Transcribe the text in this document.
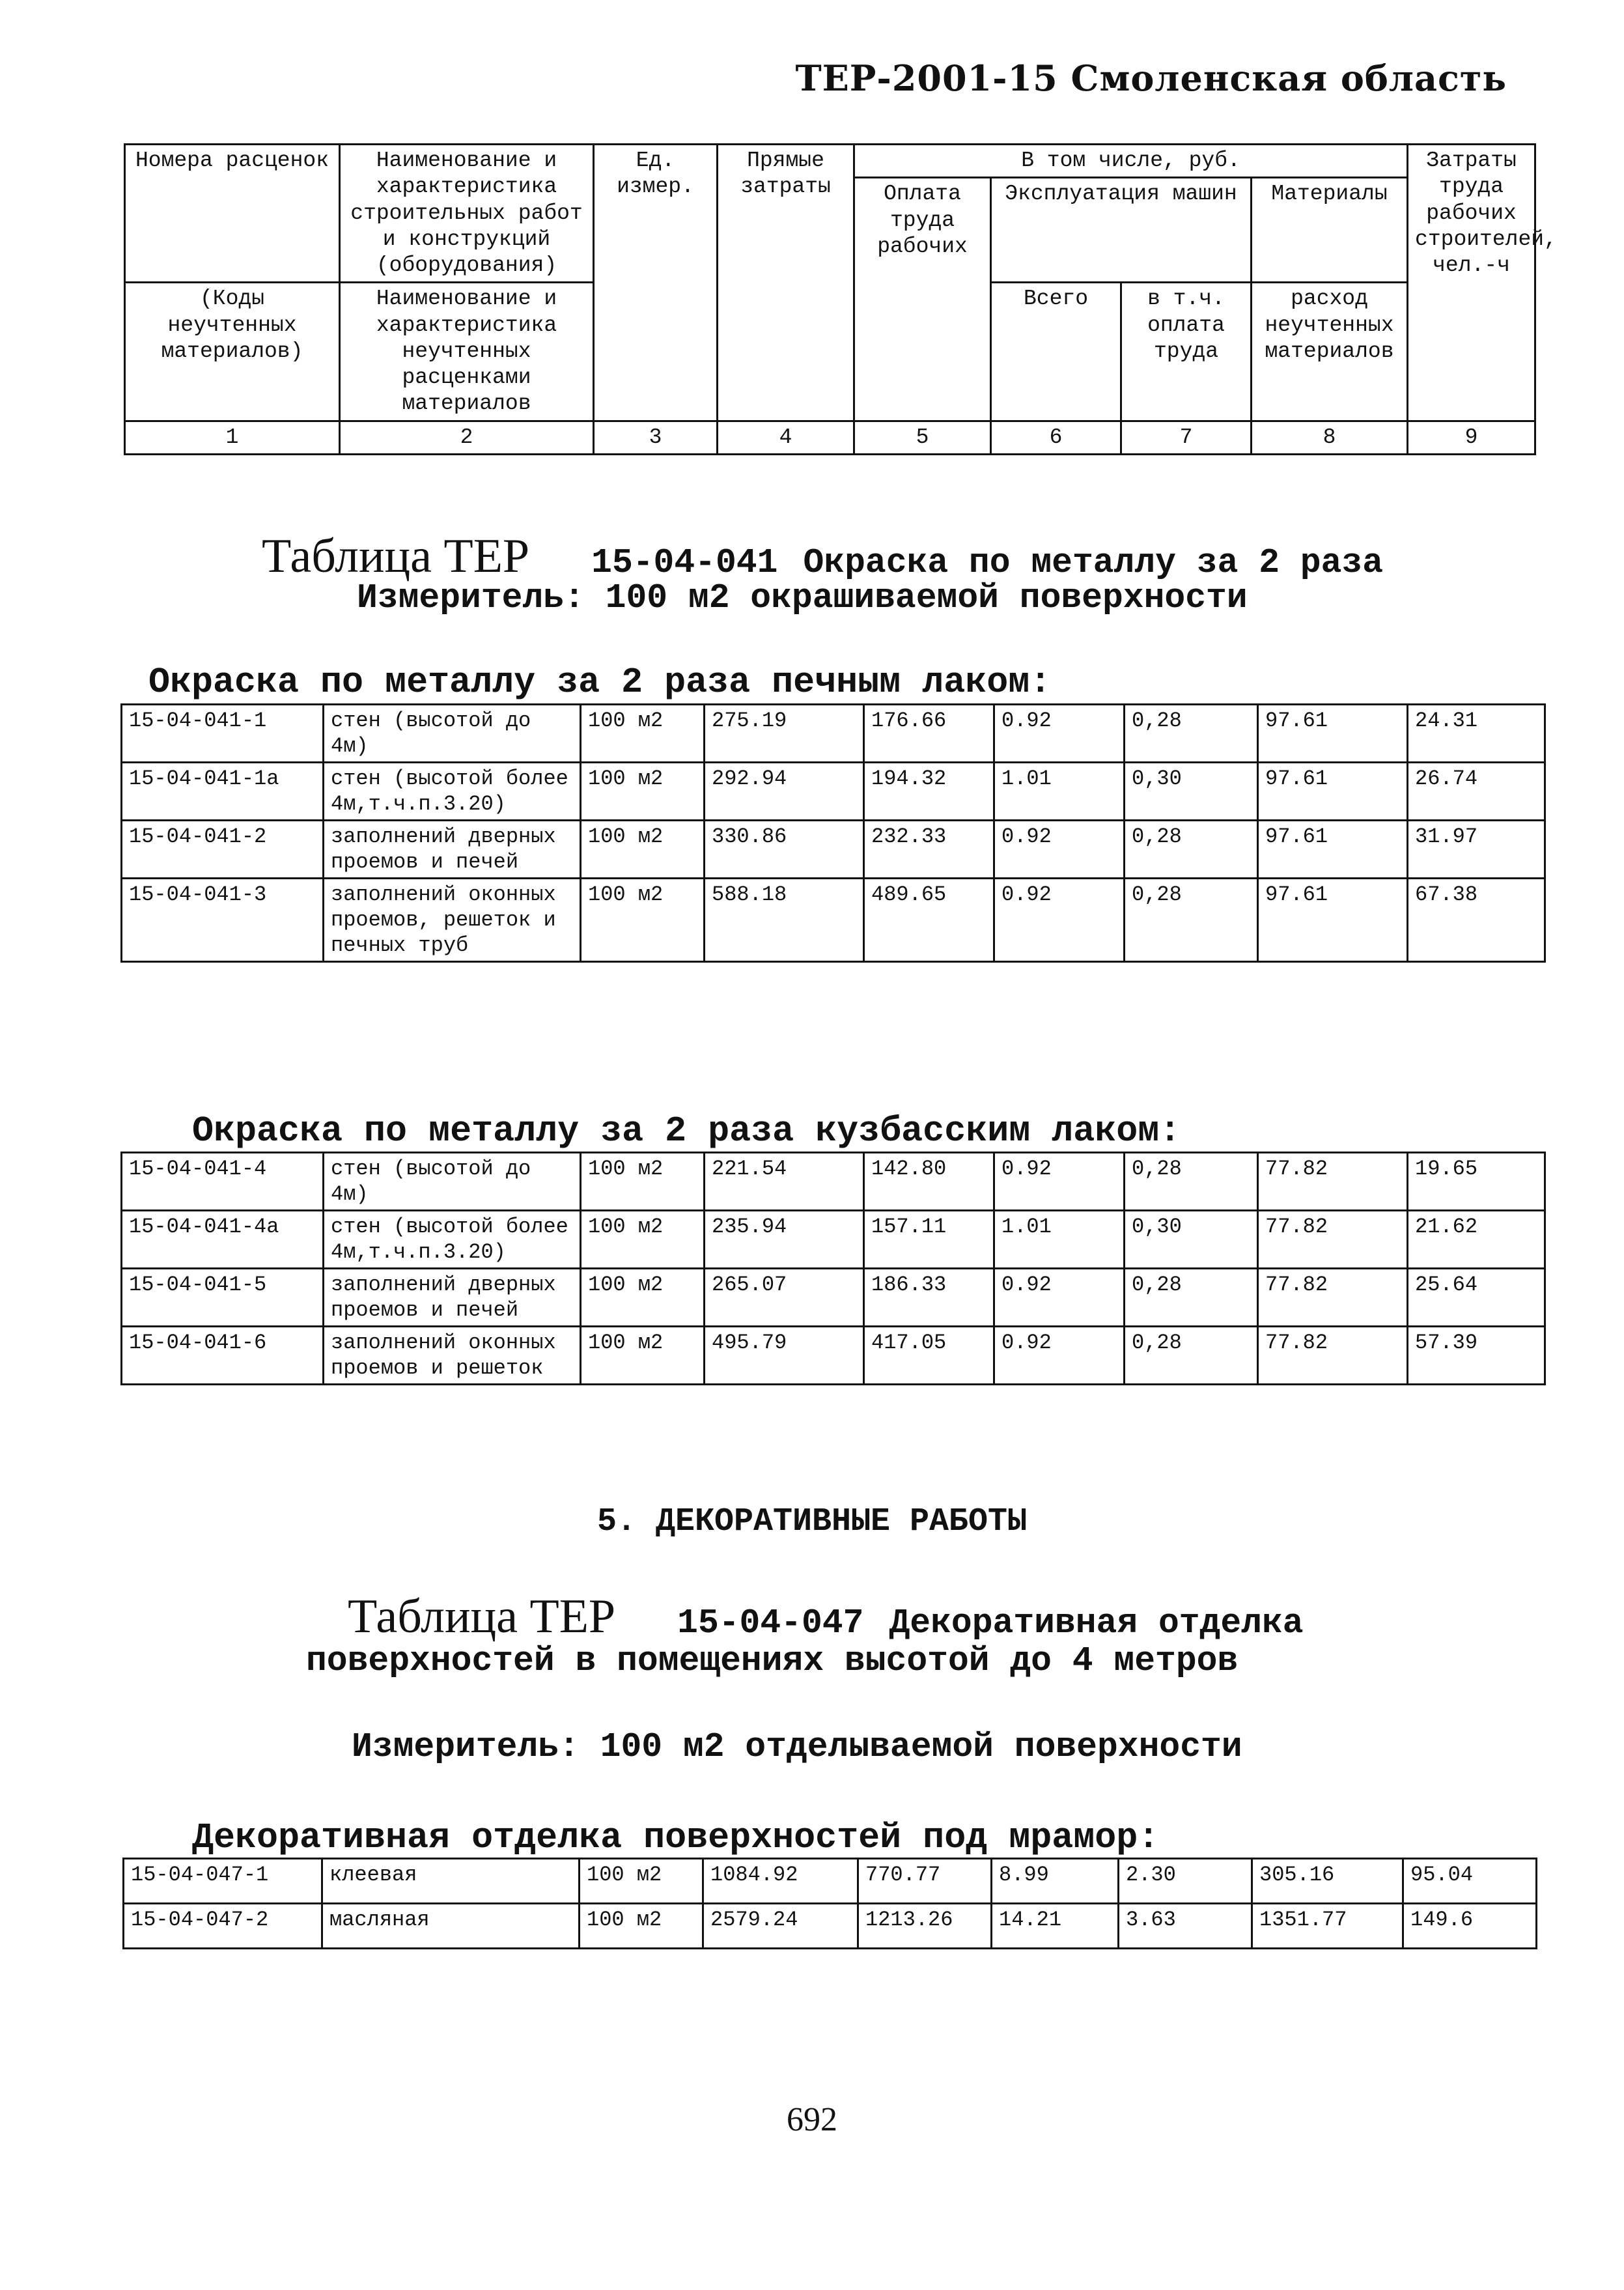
ТЕР-2001-15 Смоленская область
Номера расценок	Наименование и характеристика строительных работ и конструкций (оборудования)	Ед. измер.	Прямые затраты	В том числе, руб.				Затраты труда рабочих строителей, чел.-ч
				Оплата труда рабочих	Эксплуатация машин		Материалы	
(Коды неучтенных материалов)	Наименование и характеристика неучтенных расценками материалов				Всего	в т.ч. оплата труда	расход неучтенных материалов	
1	2	3	4	5	6	7	8	9
Таблица ТЕР 15-04-041 Окраска по металлу за 2 раза
Измеритель: 100 м2 окрашиваемой поверхности
Окраска по металлу за 2 раза печным лаком:
15-04-041-1	стен (высотой до 4м)	100 м2	275.19	176.66	0.92	0,28	97.61	24.31
15-04-041-1а	стен (высотой более 4м,т.ч.п.3.20)	100 м2	292.94	194.32	1.01	0,30	97.61	26.74
15-04-041-2	заполнений дверных проемов и печей	100 м2	330.86	232.33	0.92	0,28	97.61	31.97
15-04-041-3	заполнений оконных проемов, решеток и печных труб	100 м2	588.18	489.65	0.92	0,28	97.61	67.38
Окраска по металлу за 2 раза кузбасским лаком:
15-04-041-4	стен (высотой до 4м)	100 м2	221.54	142.80	0.92	0,28	77.82	19.65
15-04-041-4а	стен (высотой более 4м,т.ч.п.3.20)	100 м2	235.94	157.11	1.01	0,30	77.82	21.62
15-04-041-5	заполнений дверных проемов и печей	100 м2	265.07	186.33	0.92	0,28	77.82	25.64
15-04-041-6	заполнений оконных проемов и решеток	100 м2	495.79	417.05	0.92	0,28	77.82	57.39
5. ДЕКОРАТИВНЫЕ РАБОТЫ
Таблица ТЕР 15-04-047 Декоративная отделка
поверхностей в помещениях высотой до 4 метров
Измеритель: 100 м2 отделываемой поверхности
Декоративная отделка поверхностей под мрамор:
15-04-047-1	клеевая	100 м2	1084.92	770.77	8.99	2.30	305.16	95.04
15-04-047-2	масляная	100 м2	2579.24	1213.26	14.21	3.63	1351.77	149.6
692
